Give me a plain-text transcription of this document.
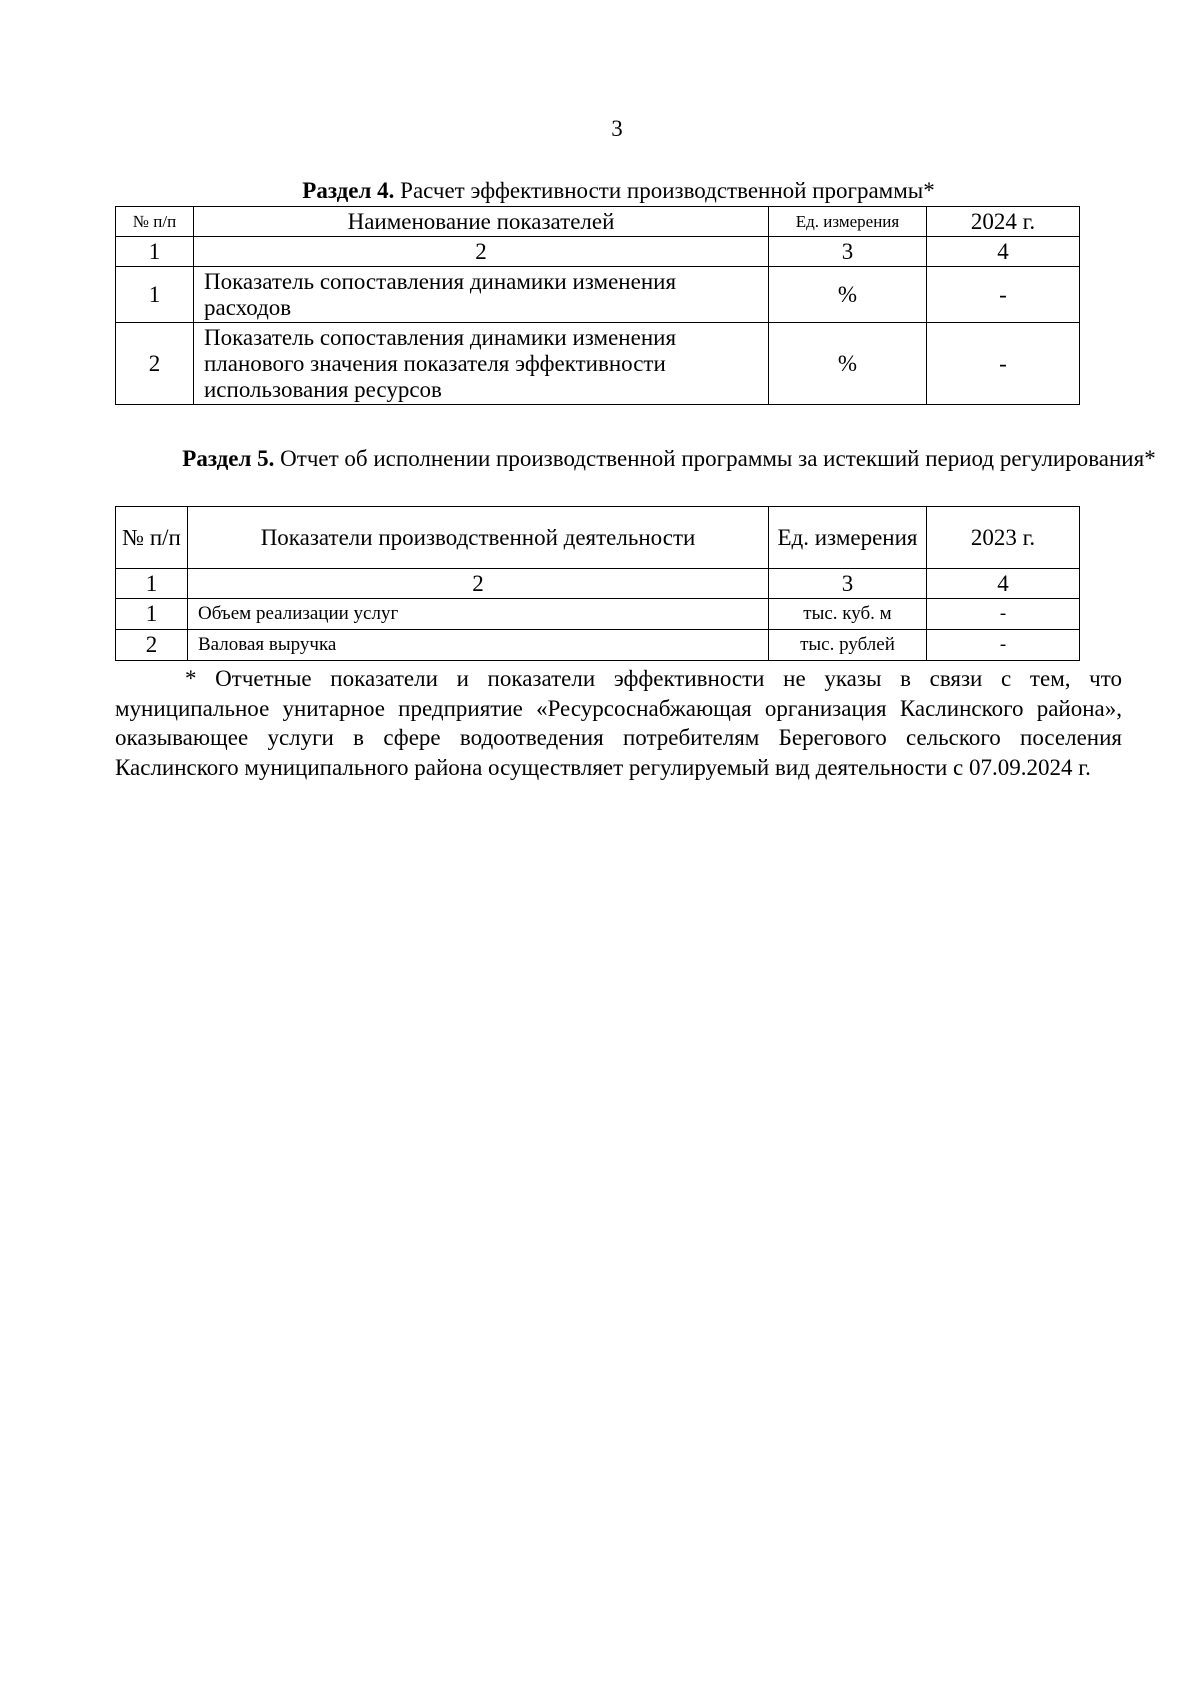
3
Раздел 4. Расчет эффективности производственной программы*
№ п/п	Наименование показателей	Ед. измерения	2024 г.
1	2	3	4
1	Показатель сопоставления динамики изменения расходов	%	-
2	Показатель сопоставления динамики изменения планового значения показателя эффективности использования ресурсов	%	-
Раздел 5. Отчет об исполнении производственной программы за истекший период регулирования*
№ п/п	Показатели производственной деятельности	Ед. измерения	2023 г.
1	2	3	4
1	Объем реализации услуг	тыс. куб. м	-
2	Валовая выручка	тыс. рублей	-
* Отчетные показатели и показатели эффективности не указы в связи с тем, что муниципальное унитарное предприятие «Ресурсоснабжающая организация Каслинского района», оказывающее услуги в сфере водоотведения потребителям Берегового сельского поселения Каслинского муниципального района осуществляет регулируемый вид деятельности с 07.09.2024 г.
